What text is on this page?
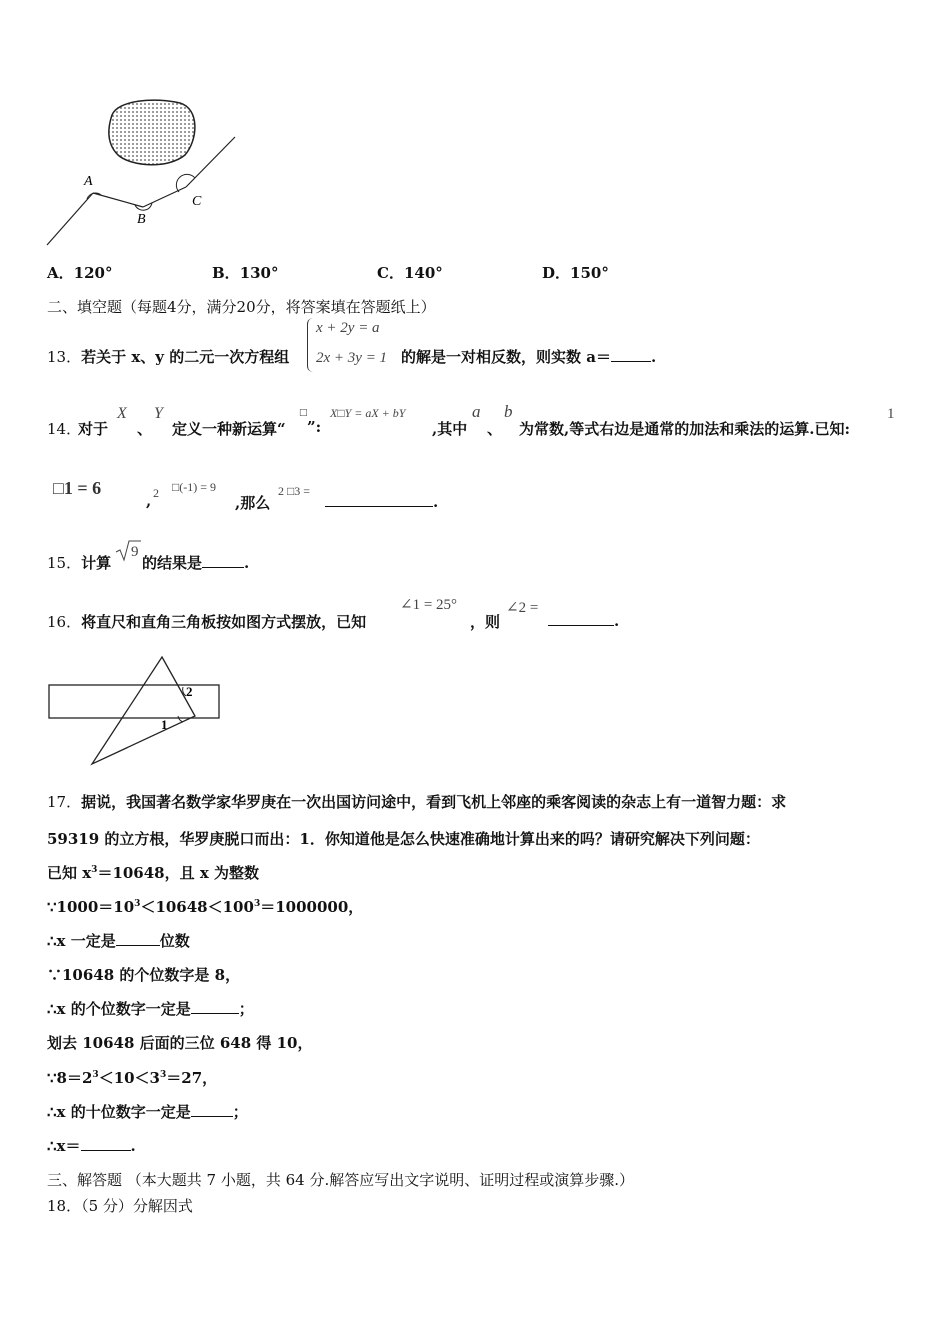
A
B
C
A．120°	B．130°	C．140°	D．150°
二、填空题（每题4分，满分20分，将答案填在答题纸上）
13．若关于 x、y 的二元一次方程组
x + 2y = a
2x + 3y = 1 的解是一对相反数，则实数 a＝	.
14．
对于
X
、
Y
定义一种新运算“
□
”:
X□Y = aX + bY
,其中
a
、
b
为常数,等式右边是通常的加法和乘法的运算.已知:
1
□1 = 6
, 2 □(-1) = 9
,那么
2 □3 =
.
15．计算
9
的结果是	.
16．将直尺和直角三角板按如图方式摆放，已知
∠1 = 25°
，则
∠2 =
.
2
1
17．据说，我国著名数学家华罗庚在一次出国访问途中，看到飞机上邻座的乘客阅读的杂志上有一道智力题：求
59319 的立方根，华罗庚脱口而出：1．你知道他是怎么快速准确地计算出来的吗？请研究解决下列问题：
已知 $x^3=10648$，且 x 为整数
$\because 1000=10^3<10648<100^3=1000000$，
∴x 一定是	位数
∵10648 的个位数字是 8，
∴x 的个位数字一定是	；
划去 10648 后面的三位 648 得 10，
$\because 8=2^3<10<3^3=27$，
∴x 的十位数字一定是	；
∴x＝	.
三、解答题 （本大题共 7 小题，共 64 分.解答应写出文字说明、证明过程或演算步骤.）
18．（5 分）分解因式
